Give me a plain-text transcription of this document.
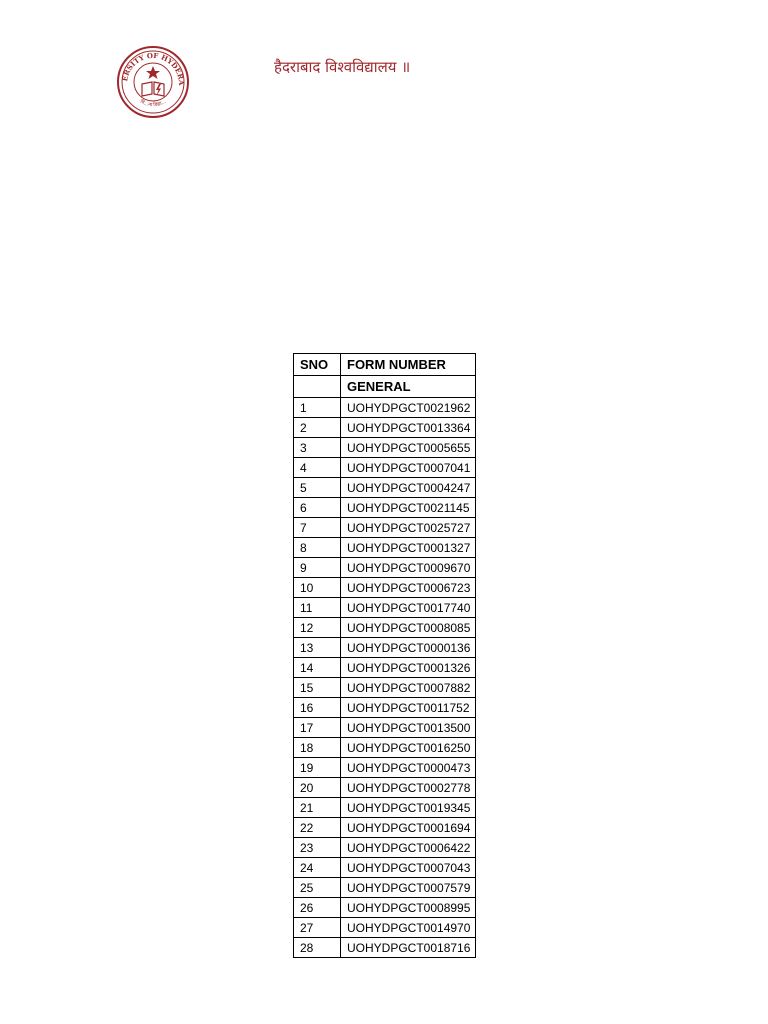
ERSITY OF HYDERA
वि...ना विद्या...
हैदराबाद विश्वविद्यालय ॥
SNO	FORM NUMBER
	GENERAL
1	UOHYDPGCT0021962
2	UOHYDPGCT0013364
3	UOHYDPGCT0005655
4	UOHYDPGCT0007041
5	UOHYDPGCT0004247
6	UOHYDPGCT0021145
7	UOHYDPGCT0025727
8	UOHYDPGCT0001327
9	UOHYDPGCT0009670
10	UOHYDPGCT0006723
11	UOHYDPGCT0017740
12	UOHYDPGCT0008085
13	UOHYDPGCT0000136
14	UOHYDPGCT0001326
15	UOHYDPGCT0007882
16	UOHYDPGCT0011752
17	UOHYDPGCT0013500
18	UOHYDPGCT0016250
19	UOHYDPGCT0000473
20	UOHYDPGCT0002778
21	UOHYDPGCT0019345
22	UOHYDPGCT0001694
23	UOHYDPGCT0006422
24	UOHYDPGCT0007043
25	UOHYDPGCT0007579
26	UOHYDPGCT0008995
27	UOHYDPGCT0014970
28	UOHYDPGCT0018716
